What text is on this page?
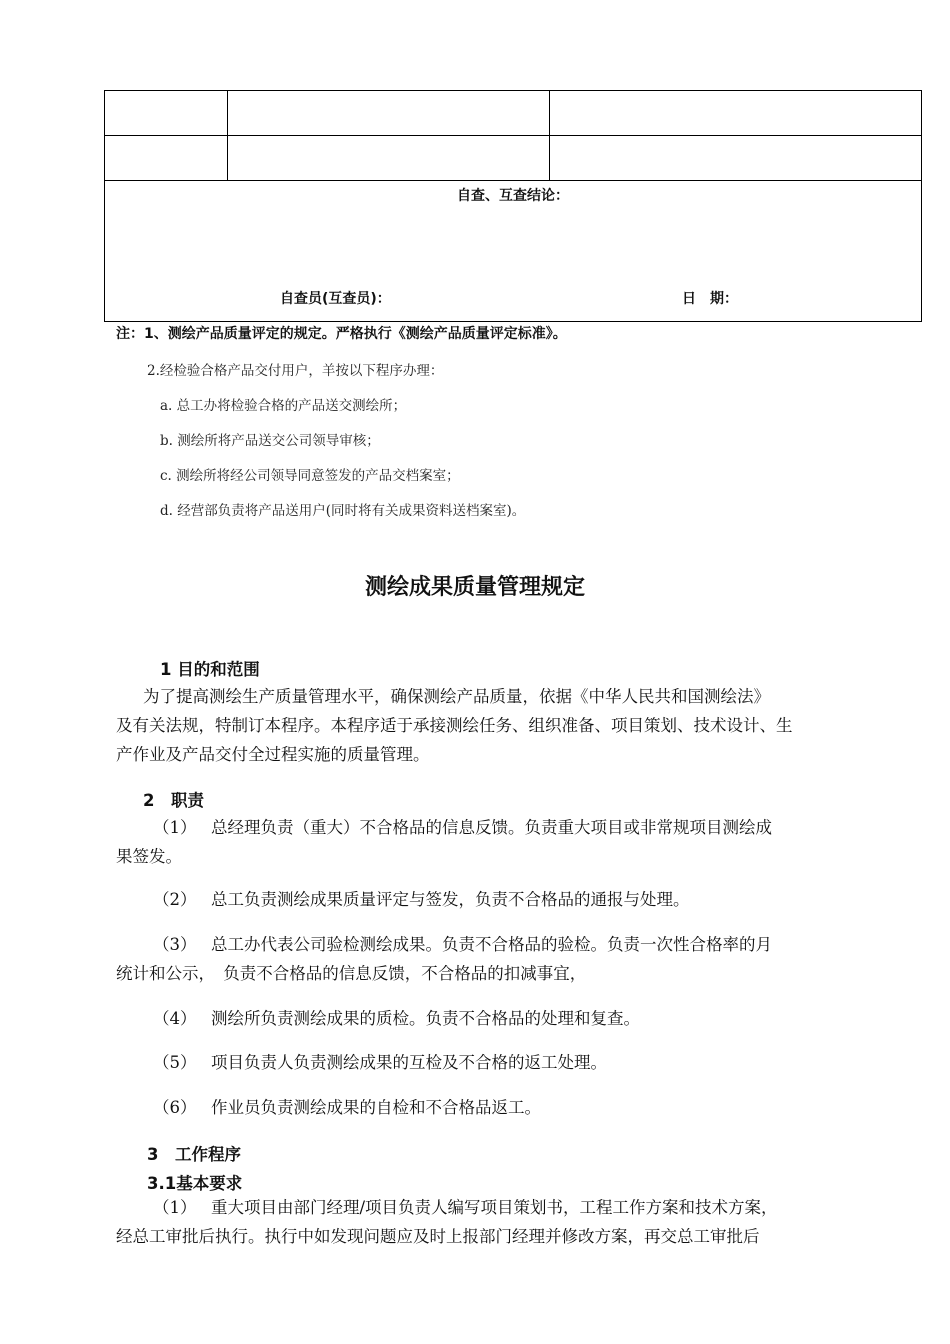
自查、互查结论：
自查员(互查员)： 日　期：		
注：1、测绘产品质量评定的规定。严格执行《测绘产品质量评定标准》。
2.经检验合格产品交付用户，羊按以下程序办理：
a. 总工办将检验合格的产品送交测绘所；
b. 测绘所将产品送交公司领导审核；
c. 测绘所将经公司领导同意签发的产品交档案室；
d. 经营部负责将产品送用户(同时将有关成果资料送档案室)。
测绘成果质量管理规定
1 目的和范围
为了提高测绘生产质量管理水平，确保测绘产品质量，依据《中华人民共和国测绘法》
及有关法规，特制订本程序。本程序适于承接测绘任务、组织准备、项目策划、技术设计、生
产作业及产品交付全过程实施的质量管理。
2　职责
（1） 总经理负责（重大）不合格品的信息反馈。负责重大项目或非常规项目测绘成
果签发。
（2） 总工负责测绘成果质量评定与签发，负责不合格品的通报与处理。
（3） 总工办代表公司验检测绘成果。负责不合格品的验检。负责一次性合格率的月
统计和公示，　负责不合格品的信息反馈，不合格品的扣减事宜，
（4） 测绘所负责测绘成果的质检。负责不合格品的处理和复查。
（5） 项目负责人负责测绘成果的互检及不合格的返工处理。
（6） 作业员负责测绘成果的自检和不合格品返工。
3　工作程序
3.1基本要求
（1） 重大项目由部门经理/项目负责人编写项目策划书，工程工作方案和技术方案，
经总工审批后执行。执行中如发现问题应及时上报部门经理并修改方案，再交总工审批后
